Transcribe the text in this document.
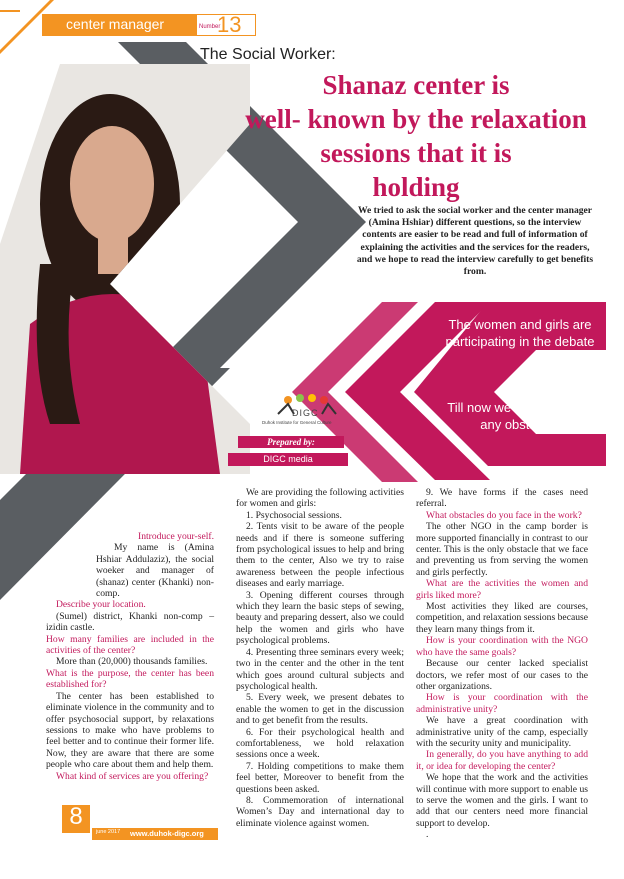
center manager	Number
13
The Social Worker:
Shanaz center is
well- known by the relaxation
sessions that it is
holding
We tried to ask the social worker and the center manager (Amina Hshiar) different questions, so the interview contents are easier to be read and full of information of explaining the activities and the services for the readers, and we hope to read the interview carefully to get benefits from.
The women and girls are participating in the debate
Till now we have not face any obstacles
DIGC
Duhok Institute for General Culture
Prepared by:
DIGC media

Introduce your-self.

My name is (Amina Hshiar Addulaziz), the social woeker and manager of (shanaz) center (Khanki) non-comp.

Describe your location.

(Sumel) district, Khanki non-comp – izidin castle.

How many families are included in the activities of the center?

More than (20,000) thousands families.

What is the purpose, the center has been established for?

The center has been established to eliminate violence in the community and to offer psychosocial support, by relaxations sessions to make who have problems to feel better and to continue their former life. Now, they are aware that there are some people who care about them and help them.

What kind of services are you offering?

We are providing the following activities for women and girls:

1. Psychosocial sessions.

2. Tents visit to be aware of the people needs and if there is someone suffering from psychological issues to help and bring them to the center, Also we try to raise awareness between the people infectious diseases and early marriage.

3. Opening different courses through which they learn the basic steps of sewing, beauty and preparing dessert, also we could help the women and girls who have psychological problems.

4. Presenting three seminars every week; two in the center and the other in the tent which goes around cultural subjects and psychological health.

5. Every week, we present debates to enable the women to get in the discussion and to get benefit from the results.

6. For their psychological health and comfortableness, we hold relaxation sessions once a week.

7. Holding competitions to make them feel better, Moreover to benefit from the questions been asked.

8. Commemoration of international Women’s Day and international day to eliminate violence against women.

9. We have forms if the cases need referral.

What obstacles do you face in the work?

The other NGO in the camp border is more supported financially in contrast to our center. This is the only obstacle that we face and preventing us from serving the women and girls perfectly.

What are the activities the women and girls liked more?

Most activities they liked are courses, competition, and relaxation sessions because they learn many things from it.

How is your coordination with the NGO who have the same goals?

Because our center lacked specialist doctors, we refer most of our cases to the other organizations.

How is your coordination with the administrative unity?

We have a great coordination with administrative unity of the camp, especially with the security unity and municipality.

In generally, do you have anything to add it, or idea for developing the center?

We hope that the work and the activities will continue with more support to enable us to serve the women and the girls. I want to add that our centers need more financial support to develop.

.

8
june 2017 www.duhok-digc.org
